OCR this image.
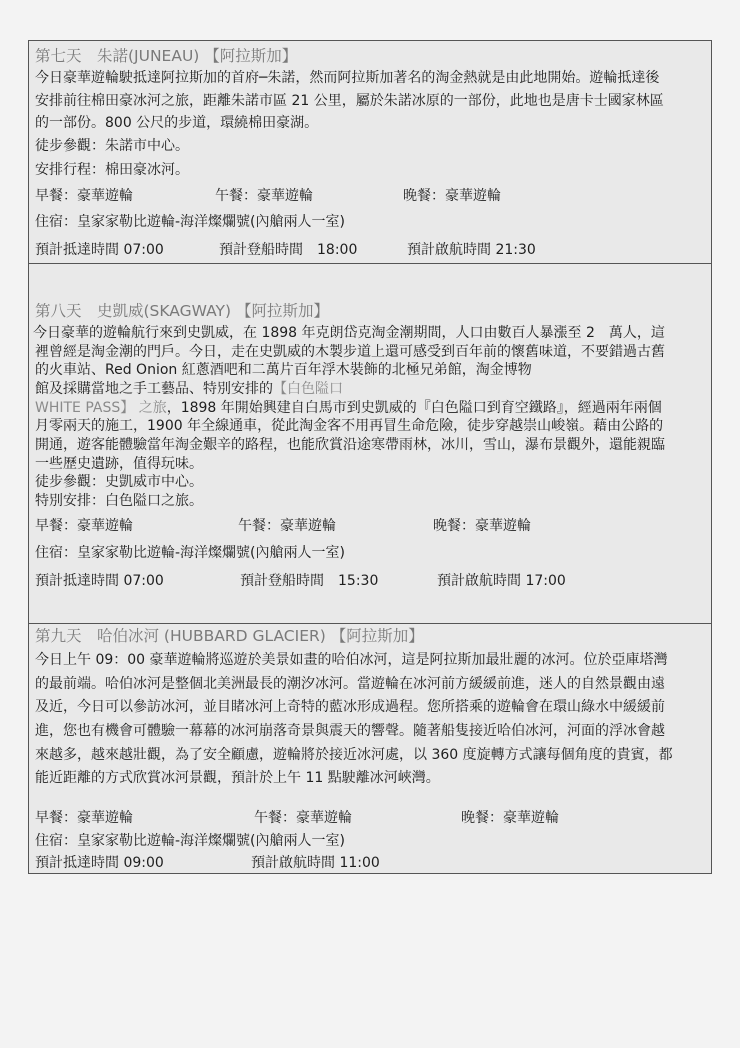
第七天　朱諾(JUNEAU) 【阿拉斯加】
今日豪華遊輪駛抵達阿拉斯加的首府─朱諾，然而阿拉斯加著名的淘金熱就是由此地開始。遊輪抵達後
安排前往棉田豪冰河之旅，距離朱諾市區 21 公里，屬於朱諾冰原的一部份，此地也是唐卡士國家林區
的一部份。800 公尺的步道，環繞棉田豪湖。
徒步參觀：朱諾市中心。
安排行程：棉田豪冰河。
早餐：豪華遊輪	午餐：豪華遊輪	晚餐：豪華遊輪
住宿：皇家家勒比遊輪-海洋燦爛號(內艙兩人一室)
預計抵達時間 07:00	預計登船時間　18:00	預計啟航時間 21:30
第八天　史凱威(SKAGWAY) 【阿拉斯加】
今日豪華的遊輪航行來到史凱威，在 1898 年克朗岱克淘金潮期間，人口由數百人暴漲至 2　萬人，這
裡曾經是淘金潮的門戶。今日，走在史凱威的木製步道上還可感受到百年前的懷舊味道，不要錯過古舊
的火車站、Red Onion 紅蔥酒吧和二萬片百年浮木裝飾的北極兄弟館，淘金博物
館及採購當地之手工藝品、特別安排的【白色隘口
WHITE PASS】 之旅，1898 年開始興建自白馬市到史凱威的『白色隘口到育空鐵路』，經過兩年兩個
月零兩天的施工，1900 年全線通車，從此淘金客不用再冒生命危險，徒步穿越崇山峻嶺。藉由公路的
開通，遊客能體驗當年淘金艱辛的路程，也能欣賞沿途寒帶雨林，冰川，雪山，瀑布景觀外，還能親臨
一些歷史遺跡，值得玩味。
徒步參觀：史凱威市中心。
特別安排：白色隘口之旅。
早餐：豪華遊輪	午餐：豪華遊輪	晚餐：豪華遊輪
住宿：皇家家勒比遊輪-海洋燦爛號(內艙兩人一室)
預計抵達時間 07:00	預計登船時間　15:30	預計啟航時間 17:00
第九天　哈伯冰河 (HUBBARD GLACIER) 【阿拉斯加】
今日上午 09：00 豪華遊輪將巡遊於美景如畫的哈伯冰河，這是阿拉斯加最壯麗的冰河。位於亞庫塔灣
的最前端。哈伯冰河是整個北美洲最長的潮汐冰河。當遊輪在冰河前方緩緩前進，迷人的自然景觀由遠
及近，今日可以參訪冰河，並目睹冰河上奇特的藍冰形成過程。您所搭乘的遊輪會在環山綠水中緩緩前
進，您也有機會可體驗一幕幕的冰河崩落奇景與震天的響聲。隨著船隻接近哈伯冰河，河面的浮冰會越
來越多，越來越壯觀，為了安全顧慮，遊輪將於接近冰河處，以 360 度旋轉方式讓每個角度的貴賓，都
能近距離的方式欣賞冰河景觀，預計於上午 11 點駛離冰河峽灣。
早餐：豪華遊輪	午餐：豪華遊輪	晚餐：豪華遊輪
住宿：皇家家勒比遊輪-海洋燦爛號(內艙兩人一室)
預計抵達時間 09:00	預計啟航時間 11:00
